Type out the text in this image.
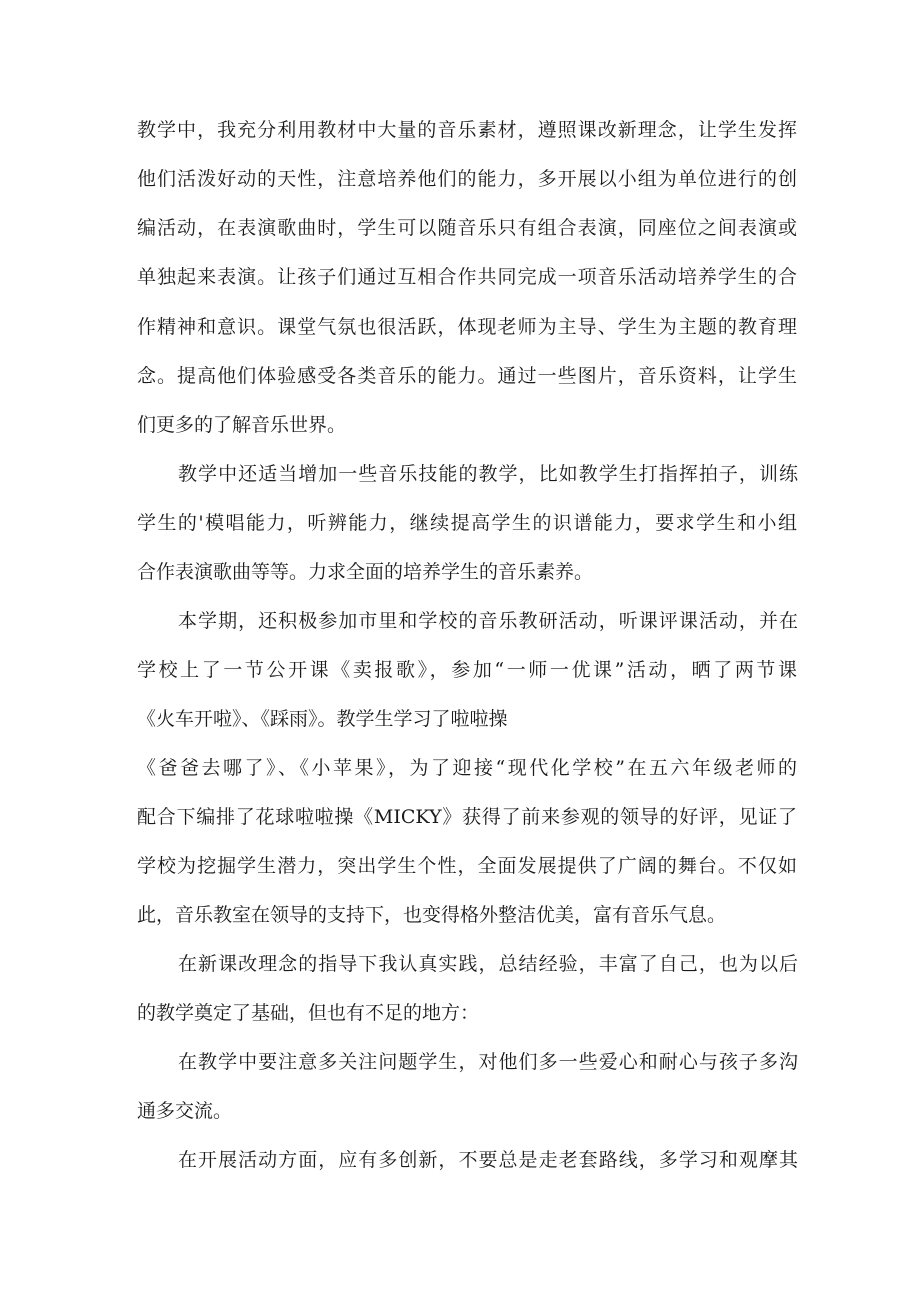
教学中，我充分利用教材中大量的音乐素材，遵照课改新理念，让学生发挥
他们活泼好动的天性，注意培养他们的能力，多开展以小组为单位进行的创
编活动，在表演歌曲时，学生可以随音乐只有组合表演，同座位之间表演或
单独起来表演。让孩子们通过互相合作共同完成一项音乐活动培养学生的合
作精神和意识。课堂气氛也很活跃，体现老师为主导、学生为主题的教育理
念。提高他们体验感受各类音乐的能力。通过一些图片，音乐资料，让学生
们更多的了解音乐世界。
教学中还适当增加一些音乐技能的教学，比如教学生打指挥拍子，训练
学生的'模唱能力，听辨能力，继续提高学生的识谱能力，要求学生和小组
合作表演歌曲等等。力求全面的培养学生的音乐素养。
本学期，还积极参加市里和学校的音乐教研活动，听课评课活动，并在
学校上了一节公开课《卖报歌》，参加“一师一优课”活动，晒了两节课
《火车开啦》、《踩雨》。教学生学习了啦啦操
《爸爸去哪了》、《小苹果》，为了迎接“现代化学校”在五六年级老师的
配合下编排了花球啦啦操《MICKY》获得了前来参观的领导的好评，见证了
学校为挖掘学生潜力，突出学生个性，全面发展提供了广阔的舞台。不仅如
此，音乐教室在领导的支持下，也变得格外整洁优美，富有音乐气息。
在新课改理念的指导下我认真实践，总结经验，丰富了自己，也为以后
的教学奠定了基础，但也有不足的地方：
在教学中要注意多关注问题学生，对他们多一些爱心和耐心与孩子多沟
通多交流。
在开展活动方面，应有多创新，不要总是走老套路线，多学习和观摩其
